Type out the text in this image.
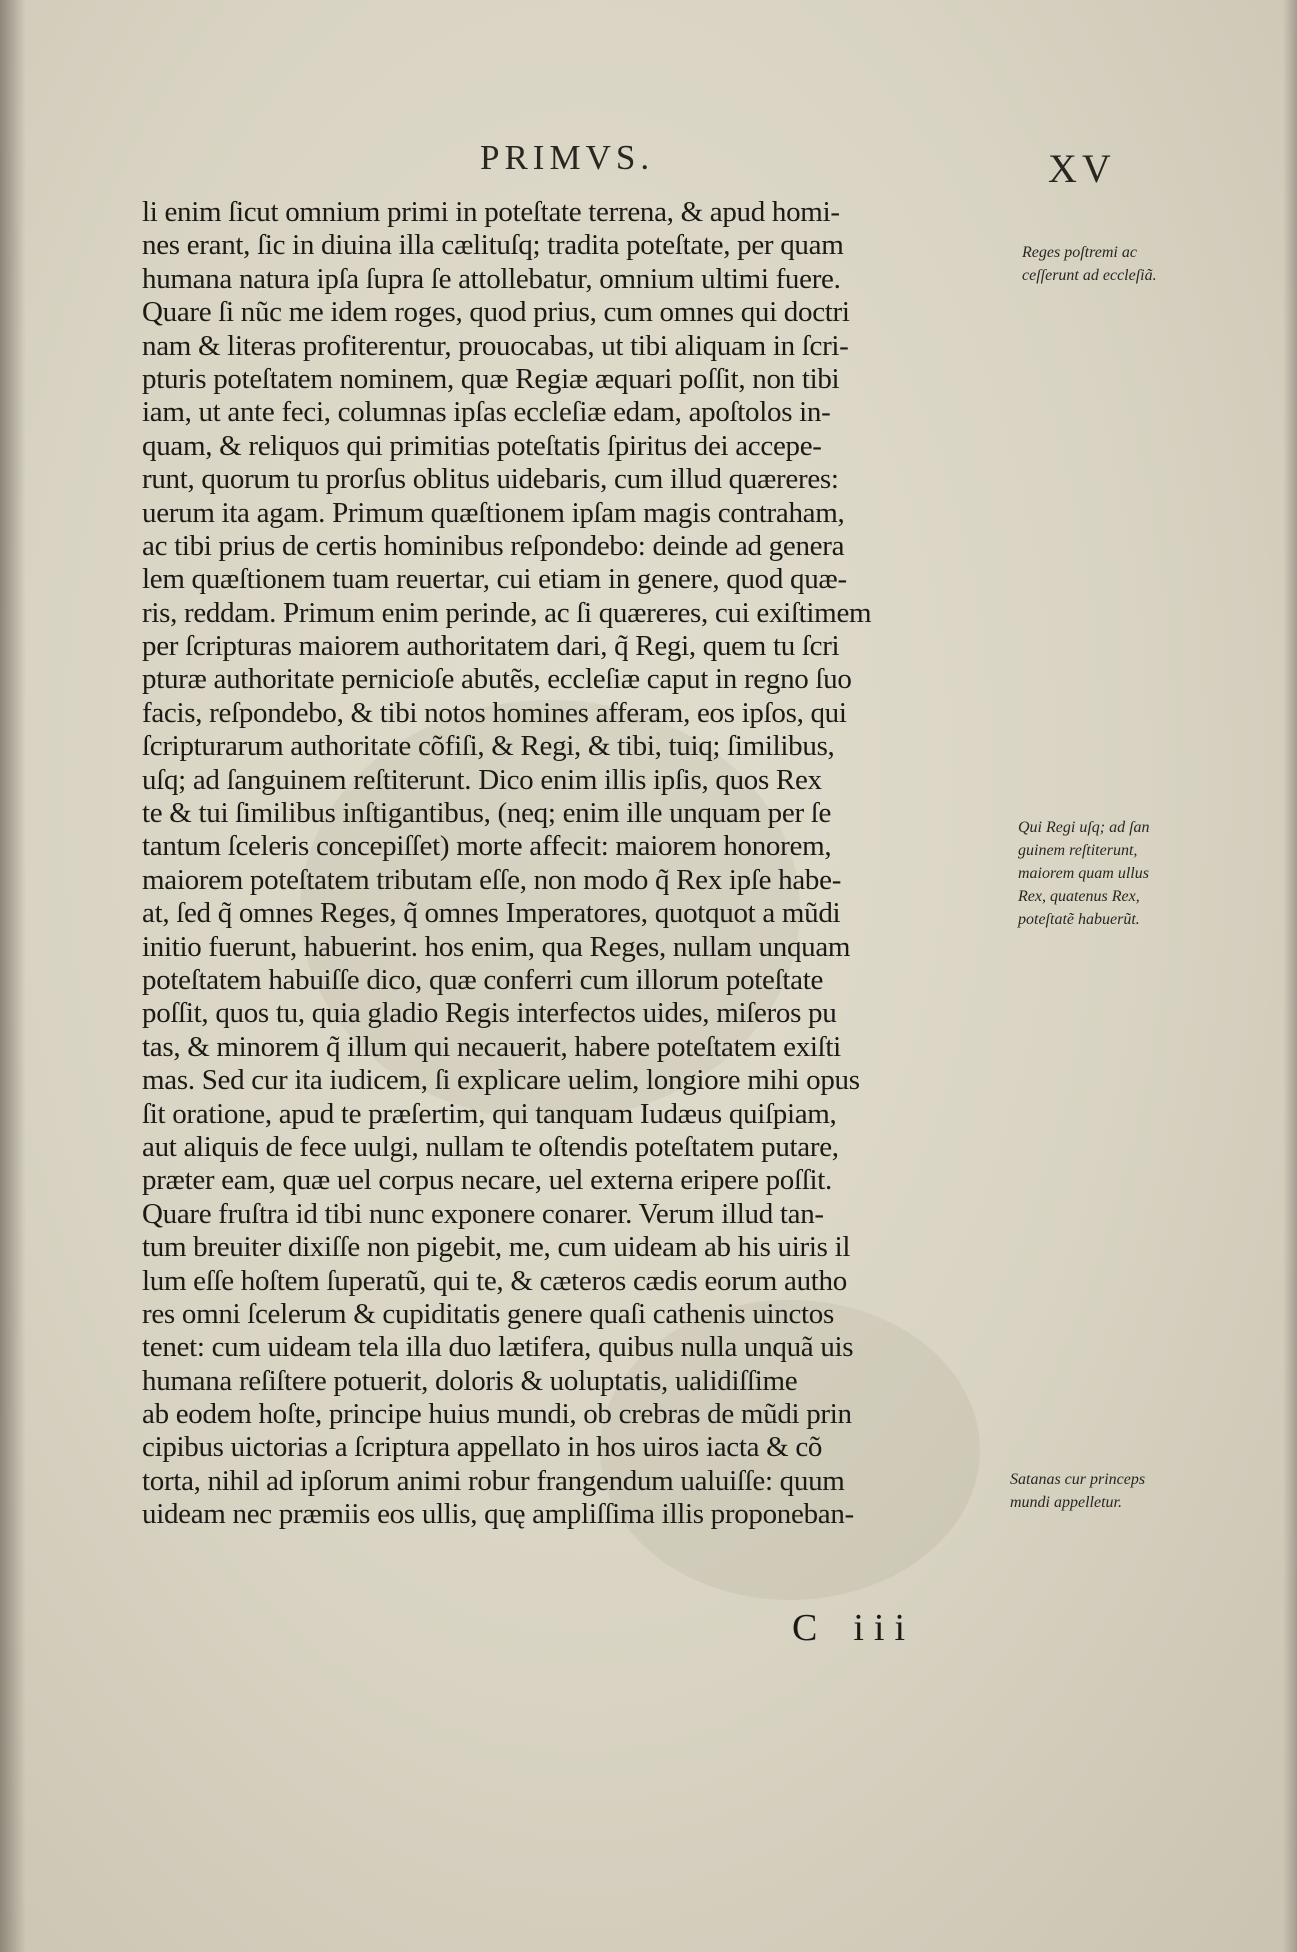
PRIMVS.	XV
li enim ſicut omnium primi in poteſtate terrena, & apud homi-
nes erant, ſic in diuina illa cælituſq; tradita poteſtate, per quam
humana natura ipſa ſupra ſe attollebatur, omnium ultimi fuere.
Quare ſi nũc me idem roges, quod prius, cum omnes qui doctri
nam & literas profiterentur, prouocabas, ut tibi aliquam in ſcri-
pturis poteſtatem nominem, quæ Regiæ æquari poſſit, non tibi
iam, ut ante feci, columnas ipſas eccleſiæ edam, apoſtolos in-
quam, & reliquos qui primitias poteſtatis ſpiritus dei accepe-
runt, quorum tu prorſus oblitus uidebaris, cum illud quæreres:
uerum ita agam. Primum quæſtionem ipſam magis contraham,
ac tibi prius de certis hominibus reſpondebo: deinde ad genera
lem quæſtionem tuam reuertar, cui etiam in genere, quod quæ-
ris, reddam. Primum enim perinde, ac ſi quæreres, cui exiſtimem
per ſcripturas maiorem authoritatem dari, q̃ Regi, quem tu ſcri
pturæ authoritate pernicioſe abutẽs, eccleſiæ caput in regno ſuo
facis, reſpondebo, & tibi notos homines afferam, eos ipſos, qui
ſcripturarum authoritate cõfiſi, & Regi, & tibi, tuiq; ſimilibus,
uſq; ad ſanguinem reſtiterunt. Dico enim illis ipſis, quos Rex
te & tui ſimilibus inſtigantibus, (neq; enim ille unquam per ſe
tantum ſceleris concepiſſet) morte affecit: maiorem honorem,
maiorem poteſtatem tributam eſſe, non modo q̃ Rex ipſe habe-
at, ſed q̃ omnes Reges, q̃ omnes Imperatores, quotquot a mũdi
initio fuerunt, habuerint. hos enim, qua Reges, nullam unquam
poteſtatem habuiſſe dico, quæ conferri cum illorum poteſtate
poſſit, quos tu, quia gladio Regis interfectos uides, miſeros pu
tas, & minorem q̃ illum qui necauerit, habere poteſtatem exiſti
mas. Sed cur ita iudicem, ſi explicare uelim, longiore mihi opus
ſit oratione, apud te præſertim, qui tanquam Iudæus quiſpiam,
aut aliquis de fece uulgi, nullam te oſtendis poteſtatem putare,
præter eam, quæ uel corpus necare, uel externa eripere poſſit.
Quare fruſtra id tibi nunc exponere conarer. Verum illud tan-
tum breuiter dixiſſe non pigebit, me, cum uideam ab his uiris il
lum eſſe hoſtem ſuperatũ, qui te, & cæteros cædis eorum autho
res omni ſcelerum & cupiditatis genere quaſi cathenis uinctos
tenet: cum uideam tela illa duo lætifera, quibus nulla unquã uis
humana reſiſtere potuerit, doloris & uoluptatis, ualidiſſime
ab eodem hoſte, principe huius mundi, ob crebras de mũdi prin
cipibus uictorias a ſcriptura appellato in hos uiros iacta & cõ
torta, nihil ad ipſorum animi robur frangendum ualuiſſe: quum
uideam nec præmiis eos ullis, quę ampliſſima illis proponeban-
Reges poſtremi ac
ceſſerunt ad eccleſiã.
Qui Regi uſq; ad ſan
guinem reſtiterunt,
maiorem quam ullus
Rex, quatenus Rex,
poteſtatẽ habuerũt.
Satanas cur princeps
mundi appelletur.
C iii
